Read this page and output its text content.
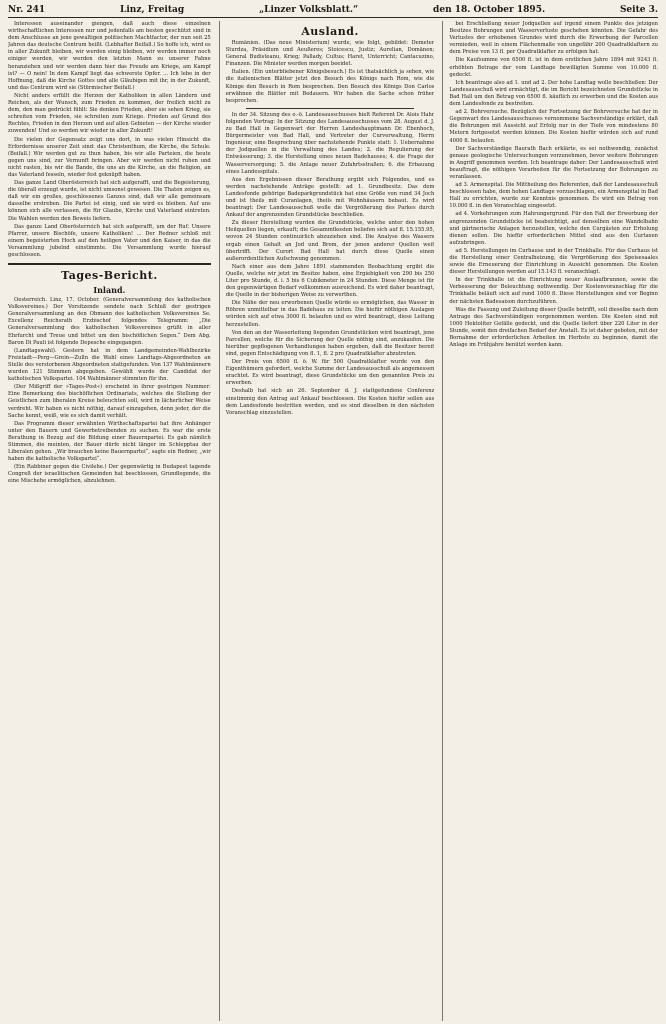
Nr. 241	Linz, Freitag	„Linzer Volksblatt.“	den 18. October 1895.	Seite 3.

Interessen auseinander giengen, daß auch diese einzelnen wirthschaftlichen Interessen nur und jedenfalls am besten geschützt sind in dem Anschlusse an jene gewaltigen politischen Machtfactor, der nun seit 25 Jahren das deutsche Centrum heißt. (Lebhafter Beifall.) So hoffe ich, wird es in aller Zukunft bleiben, wir werden einig bleiben, wir werden immer noch einiger werden, wir werden den letzten Mann zu unserer Fahne heranziehen und wir werden dann hier das Freude am Kriege, am Kampf ist? — O nein! In dem Kampf liegt das schwerste Opfer. ... Ich lebe in der Hoffnung, daß die Kirche Gottes und alle Gläubigen mit ihr, in der Zukunft, und das Centrum wird sie (Stürmischer Beifall.)

Nicht anders erfüllt die Herzen der Katholiken in allen Ländern und Reichen, als der Wunsch, zum Frieden zu kommen, der freilich nicht zu dem, den man gedrückt fühlt: Sie denken Frieden, aber sie sehen Krieg, sie schreiten vom Frieden, sie schreiten zum Kriege. Frieden auf Grund des Rechtes, Frieden in den Herzen und auf allen Gebieten — der Kirche wieder zuwenden! Und so werden wir wieder in aller Zukunft!

Die vielen der Gegensatz zeigt uns dort, in was vielen Hinsicht die Erfordernisse unserer Zeit sind: das Christenthum, die Kirche, die Schule. (Beifall.) Wir werden gut zu thun haben, bis wir alle Parteien, die heute gegen uns sind, zur Vernunft bringen. Aber wir werden nicht ruhen und nicht rasten, bis wir die Bande, die uns an die Kirche, an die Religion, an das Vaterland fesseln, wieder fest geknüpft haben.

Das ganze Land Oberösterreich hat sich aufgerafft, und die Begeisterung, die überall erzeugt wurde, ist nicht umsonst gewesen. Die Thaten zeigen es, daß wir ein großes, geschlossenes Ganzes sind, daß wir alle gemeinsam dasselbe erstreben. Die Partei ist einig, und sie wird es bleiben. Auf uns können sich alle verlassen, die für Glaube, Kirche und Vaterland eintreten. Die Wahlen werden den Beweis liefern.

Das ganze Land Oberösterreich hat sich aufgerafft, um der Ruf: Unsere Pfarrer, unsere Bischöfe, unsere Katholiken! ... Der Redner schloß mit einem begeisterten Hoch auf den heiligen Vater und den Kaiser, in das die Versammlung jubelnd einstimmte. Die Versammlung wurde hierauf geschlossen.

Tages-Bericht.
Inland.

Oesterreich. Linz, 17. October. (Generalversammlung des katholischen Volksvereines.) Der Vorsitzende sendete nach Schluß der gestrigen Generalversammlung an den Obmann des katholischen Volksvereines Se. Excellenz Reichsrath Erzbischof folgendes Telegramm: „Die Generalversammlung des katholischen Volksvereines grüßt in aller Ehrfurcht und Treue und bittet um den bischöflichen Segen.“ Dem Abg. Baron Di Pauli ist folgende Depesche eingegangen.

(Landtagswahl). Gestern hat in dem Landgemeinden-Wahlbezirke Freistadt—Perg—Grein—Zulln die Wahl eines Landtags-Abgeordneten an Stelle des verstorbenen Abgeordneten stattgefunden. Von 137 Wahlmännern wurden 121 Stimmen abgegeben. Gewählt wurde der Candidat der katholischen Volkspartei. 104 Wahlmänner stimmten für ihn.

(Der Mißgriff der »Tages-Post«) erscheint in ihrer gestrigen Nummer: Eine Bemerkung des bischöflichen Ordinariats, welches die Stellung der Geistlichen zum liberalen Kreise beleuchten soll, wird in lächerlicher Weise verdreht. Wir haben es nicht nöthig, darauf einzugehen, denn jeder, der die Sache kennt, weiß, wie es sich damit verhält.

Das Programm dieser erwähnten Wirthschaftspartei hat ihre Anhänger unter den Bauern und Gewerbetreibenden zu suchen. Es war die erste Berathung in Bezug auf die Bildung einer Bauernpartei. Es gab nämlich Stimmen, die meinten, der Bauer dürfe nicht länger im Schlepptau der Liberalen gehen. „Wir brauchen keine Bauernpartei“, sagte ein Redner, „wir haben die katholische Volkspartei“.

(Ein Rabbiner gegen die Civilehe.) Der gegenwärtig in Budapest tagende Congreß der israelitischen Gemeinden hat beschlossen, Grundlegende, die eine Mischehe ermöglichen, abzulehnen.

Ausland.

Rumänien. (Das neue Ministerium) wurde, wie folgt, gebildet: Demeter Sturdza, Präsidium und Aeußeres; Stoicescu, Justiz; Aurelian, Domänen; General Budisteanu, Krieg; Pallady, Cultus; Haret, Unterricht; Cantacuzino, Finanzen. Die Minister werden morgen beeidet.

Italien. (Ein unterbliebener Königsbesuch.) Es ist thatsächlich ja sehen, wie die italienischen Blätter jetzt den Besuch des Königs nach Rom, wie die Könige den Besuch in Rom besprechen. Den Besuch des Königs Don Carlos erwähnen die Blätter mit Bedauern. Wir haben die Sache schon früher besprochen.

In der 34. Sitzung des o.-ö. Landesausschusses hielt Referent Dr. Alois Hahr folgenden Vortrag: In der Sitzung des Landesausschusses vom 28. August d. J. zu Bad Hall in Gegenwart der Herren Landeshauptmann Dr. Ebenhoch, Bürgermeister von Bad Hall, und Vertreter der Curverwaltung, Herrn Ingenieur, eine Besprechung über nachstehende Punkte statt: 1. Uebernahme der Jodquellen in die Verwaltung des Landes; 2. die Regulierung der Entwässerung; 3. die Herstellung eines neuen Badehauses; 4. die Frage der Wasserversorgung; 5. die Anlage neuer Zufahrtsstraßen; 6. die Erbauung eines Landesspitals.

Aus den Ergebnissen dieser Berathung ergibt sich Folgendes, und es werden nachstehende Anträge gestellt: ad 1. Grundbesitz. Das dem Landesfonde gehörige Badeparkgrundstück hat eine Größe von rund 34 Joch und ist theils mit Curanlagen, theils mit Wohnhäusern bebaut. Es wird beantragt: Der Landesausschuß wolle die Vergrößerung des Parkes durch Ankauf der angrenzenden Grundstücke beschließen.

Zu dieser Herstellung wurden die Grundstücke, welche unter den hohen Heilquellen liegen, erkauft; die Gesammtkosten beliefen sich auf fl. 15.155.95, wovon 24 Stunden continuirlich abzuziehen sind. Die Analyse des Wassers ergab einen Gehalt an Jod und Brom, der jenen anderer Quellen weit übertrifft. Der Curort Bad Hall hat durch diese Quelle einen außerordentlichen Aufschwung genommen.

Nach einer aus dem Jahre 1891 stammenden Beobachtung ergibt die Quelle, welche wir jetzt im Besitze haben, eine Ergiebigkeit von 290 bis 250 Liter pro Stunde, d. i. 5 bis 6 Cubikmeter in 24 Stunden. Diese Menge ist für den gegenwärtigen Bedarf vollkommen ausreichend. Es wird daher beantragt, die Quelle in der bisherigen Weise zu verwerthen.

Die Nähe der neu erworbenen Quelle würde es ermöglichen, das Wasser in Röhren unmittelbar in das Badehaus zu leiten. Die hiefür nöthigen Auslagen würden sich auf etwa 3000 fl. belaufen und es wird beantragt, diese Leitung herzustellen.

Von den an der Wasserleitung liegenden Grundstücken wird beantragt, jene Parcellen, welche für die Sicherung der Quelle nöthig sind, anzukaufen. Die hierüber gepflogenen Verhandlungen haben ergeben, daß die Besitzer bereit sind, gegen Entschädigung von fl. 1, fl. 2 pro Quadratklafter abzutreten.

Der Preis von 6500 fl. ö. W. für 500 Quadratklafter wurde von den Eigenthümern gefordert, welche Summe der Landesausschuß als angemessen erachtet. Es wird beantragt, diese Grundstücke um den genannten Preis zu erwerben.

Deshalb hat sich an 26. September d. J. stattgefundene Conferenz einstimmig den Antrag auf Ankauf beschlossen. Die Kosten hiefür sollen aus dem Landesfonde bestritten werden, und es sind dieselben in den nächsten Voranschlag einzustellen.

bei Erschließung neuer Jodquellen auf irgend einem Punkte des jetzigen Besitzes Bohrungen und Wasserverluste geschehen könnten. Die Gefahr des Verlustes der erhobenen Grundes wird durch die Erwerbung der Parcellen vermieden, weil in einem Flächenmaße von ungefähr 200 Quadratklaftern zu dem Preise von 13 fl. per Quadratklafter zu erfolgen hat.

Die Kaufsumme von 6500 fl. ist in dem erstlichen Jahre 1894 mit 9243 fl. erhöhten Betrage der vom Landtage bewilligten Summe von 10.000 fl. gedeckt.

Ich beantrage also ad 1. und ad 2. Der hohe Landtag wolle beschließen: Der Landesausschuß wird ermächtigt, die im Bericht bezeichneten Grundstücke in Bad Hall um den Betrag von 6500 fl. käuflich zu erwerben und die Kosten aus dem Landesfonde zu bestreiten.

ad 2. Bohrversuche. Bezüglich der Fortsetzung der Bohrversuche hat der in Gegenwart des Landesausschusses vernommene Sachverständige erklärt, daß die Bohrungen mit Aussicht auf Erfolg nur in der Tiefe von mindestens 80 Metern fortgesetzt werden können. Die Kosten hiefür würden sich auf rund 4000 fl. belaufen.

Der Sachverständige Baurath Bach erklärte, es sei nothwendig, zunächst genaue geologische Untersuchungen vorzunehmen, bevor weitere Bohrungen in Angriff genommen werden. Ich beantrage daher: Der Landesausschuß wird beauftragt, die nöthigen Vorarbeiten für die Fortsetzung der Bohrungen zu veranlassen.

ad 3. Armenspital. Die Mittheilung des Referenten, daß der Landesausschuß beschlossen habe, dem hohen Landtage vorzuschlagen, ein Armenspital in Bad Hall zu errichten, wurde zur Kenntnis genommen. Es wird ein Betrag von 10.000 fl. in den Voranschlag eingesetzt.

ad 4. Vorkehrungen zum Hahrungergrund. Für den Fall der Erwerbung der angrenzenden Grundstücke ist beabsichtigt, auf denselben eine Wandelbahn und gärtnerische Anlagen herzustellen, welche den Curgästen zur Erholung dienen sollen. Die hiefür erforderlichen Mittel sind aus den Curtaxen aufzubringen.

ad 5. Herstellungen im Curhause und in der Trinkhalle. Für das Curhaus ist die Herstellung einer Centralheizung, die Vergrößerung des Speisesaales sowie die Erneuerung der Einrichtung in Aussicht genommen. Die Kosten dieser Herstellungen werden auf 15.143 fl. veranschlagt.

In der Trinkhalle ist die Einrichtung neuer Auslaufbrunnen, sowie die Verbesserung der Beleuchtung nothwendig. Der Kostenvoranschlag für die Trinkhalle beläuft sich auf rund 1000 fl. Diese Herstellungen sind vor Beginn der nächsten Badesaison durchzuführen.

Was die Fassung und Zuleitung dieser Quelle betrifft, soll dieselbe nach dem Antrage des Sachverständigen vorgenommen werden. Die Kosten sind mit 1000 Hektoliter Gefälle gedeckt, und die Quelle liefert über 220 Liter in der Stunde, somit den dreifachen Bedarf der Anstalt. Es ist daher geboten, mit der Bornahme der erforderlichen Arbeiten im Herbste zu beginnen, damit die Anlage im Frühjahre benützt werden kann.
